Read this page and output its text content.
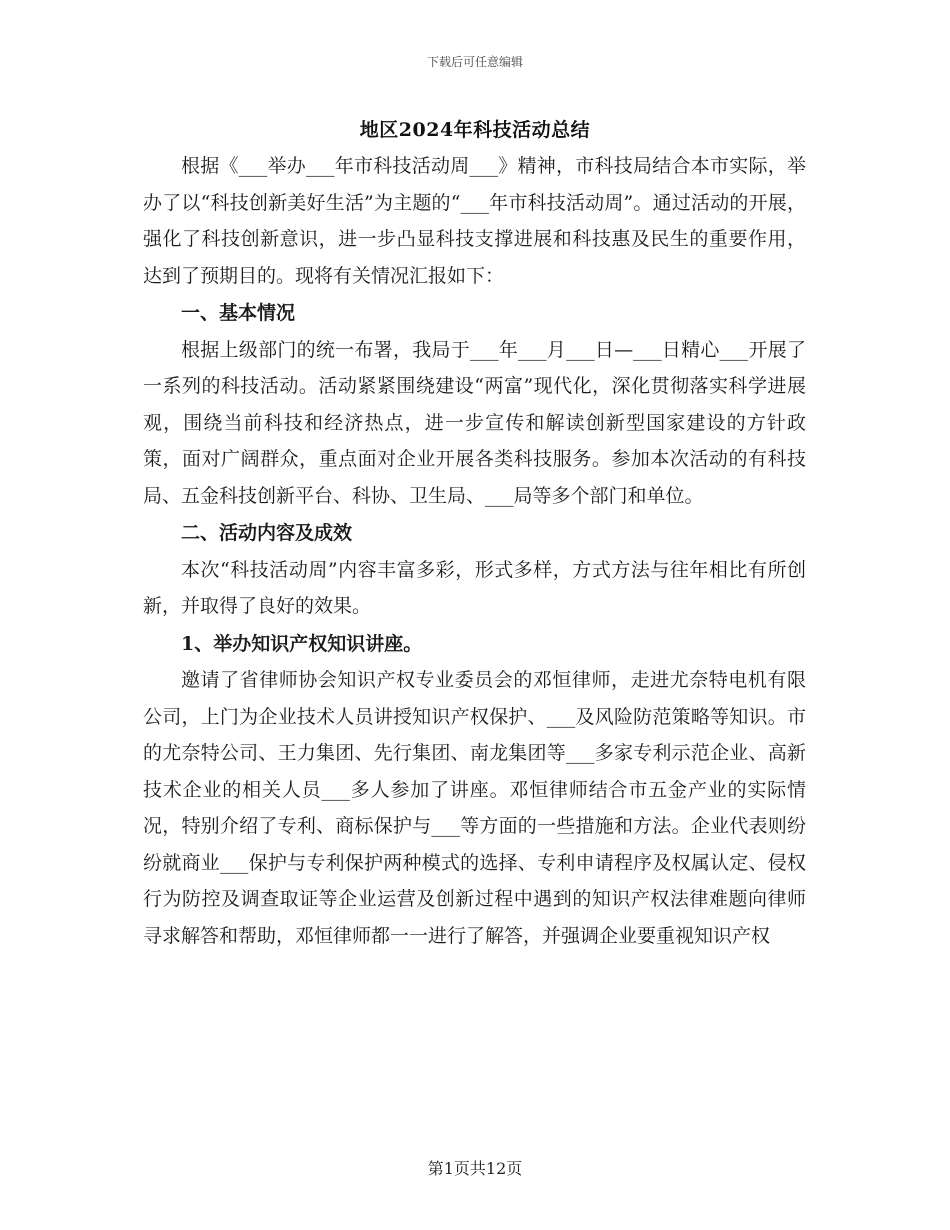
下载后可任意编辑
地区2024年科技活动总结

根据《___举办___年市科技活动周___》精神，市科技局结合本市实际，举办了以“科技创新美好生活”为主题的“___年市科技活动周”。通过活动的开展，强化了科技创新意识，进一步凸显科技支撑进展和科技惠及民生的重要作用，达到了预期目的。现将有关情况汇报如下：

一、基本情况

根据上级部门的统一布署，我局于___年___月___日—___日精心___开展了一系列的科技活动。活动紧紧围绕建设“两富”现代化，深化贯彻落实科学进展观，围绕当前科技和经济热点，进一步宣传和解读创新型国家建设的方针政策，面对广阔群众，重点面对企业开展各类科技服务。参加本次活动的有科技局、五金科技创新平台、科协、卫生局、___局等多个部门和单位。

二、活动内容及成效

本次“科技活动周”内容丰富多彩，形式多样，方式方法与往年相比有所创新，并取得了良好的效果。

1、举办知识产权知识讲座。

邀请了省律师协会知识产权专业委员会的邓恒律师，走进尤奈特电机有限公司，上门为企业技术人员讲授知识产权保护、___及风险防范策略等知识。市的尤奈特公司、王力集团、先行集团、南龙集团等___多家专利示范企业、高新技术企业的相关人员___多人参加了讲座。邓恒律师结合市五金产业的实际情况，特别介绍了专利、商标保护与___等方面的一些措施和方法。企业代表则纷纷就商业___保护与专利保护两种模式的选择、专利申请程序及权属认定、侵权行为防控及调查取证等企业运营及创新过程中遇到的知识产权法律难题向律师寻求解答和帮助，邓恒律师都一一进行了解答，并强调企业要重视知识产权

第1页共12页
